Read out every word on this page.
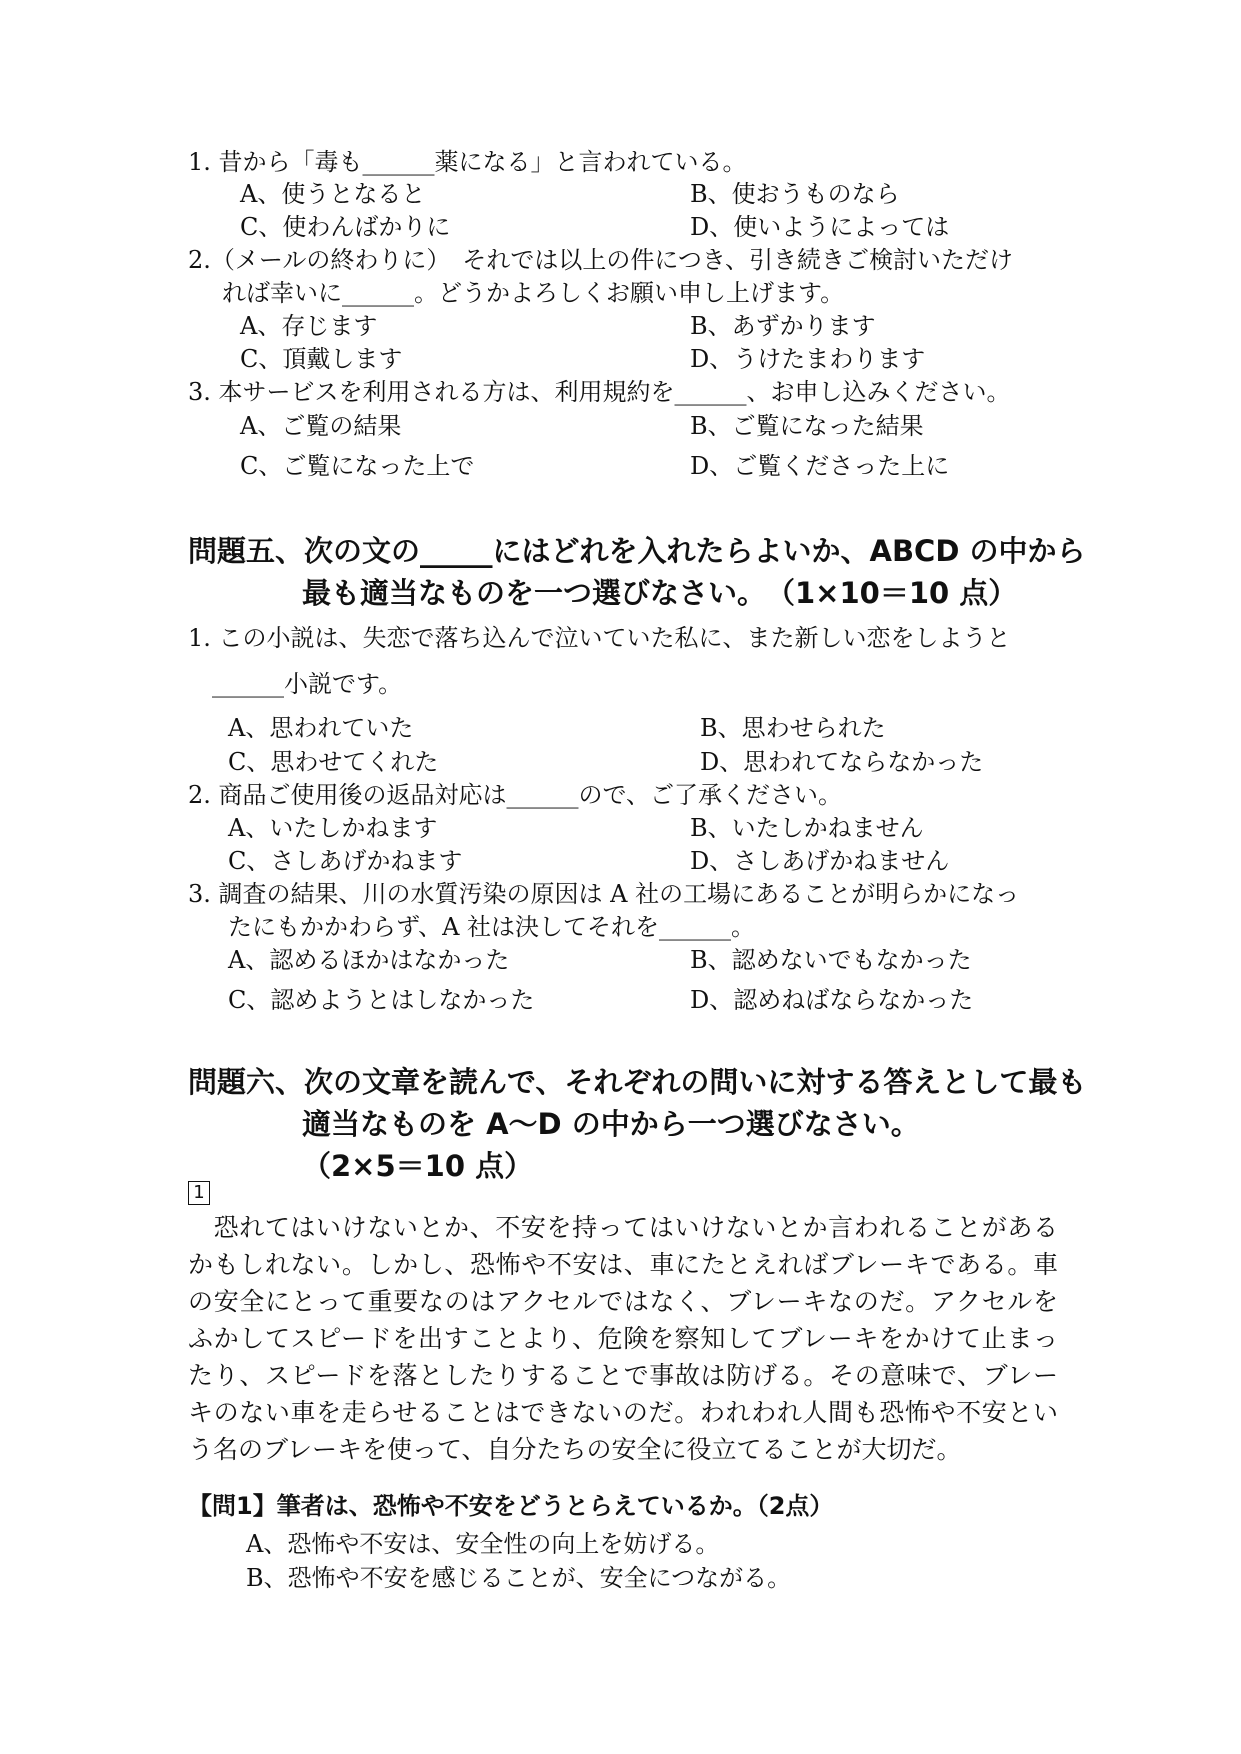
1. 昔から「毒も______薬になる」と言われている。
A、使うとなると	B、使おうものなら
C、使わんばかりに	D、使いようによっては
2.（メールの終わりに）　それでは以上の件につき、引き続きご検討いただけ
れば幸いに______。どうかよろしくお願い申し上げます。
A、存じます	B、あずかります
C、頂戴します	D、うけたまわります
3. 本サービスを利用される方は、利用規約を______、お申し込みください。
A、ご覧の結果	B、ご覧になった結果
C、ご覧になった上で	D、ご覧くださった上に
問題五、次の文の_____にはどれを入れたらよいか、ABCD の中から
最も適当なものを一つ選びなさい。　（1×10＝10 点）
1. この小説は、失恋で落ち込んで泣いていた私に、また新しい恋をしようと
______小説です。
A、思われていた	B、思わせられた
C、思わせてくれた	D、思われてならなかった
2. 商品ご使用後の返品対応は______ので、ご了承ください。
A、いたしかねます	B、いたしかねません
C、さしあげかねます	D、さしあげかねません
3. 調査の結果、川の水質汚染の原因は A 社の工場にあることが明らかになっ
たにもかかわらず、A 社は決してそれを______。
A、認めるほかはなかった	B、認めないでもなかった
C、認めようとはしなかった	D、認めねばならなかった
問題六、次の文章を読んで、それぞれの問いに対する答えとして最も
適当なものを A～D の中から一つ選びなさい。
（2×5＝10 点）
1
　恐れてはいけないとか、不安を持ってはいけないとか言われることがあるかもしれない。しかし、恐怖や不安は、車にたとえればブレーキである。車の安全にとって重要なのはアクセルではなく、ブレーキなのだ。アクセルをふかしてスピードを出すことより、危険を察知してブレーキをかけて止まったり、スピードを落としたりすることで事故は防げる。その意味で、ブレーキのない車を走らせることはできないのだ。われわれ人間も恐怖や不安という名のブレーキを使って、自分たちの安全に役立てることが大切だ。
【問1】筆者は、恐怖や不安をどうとらえているか。（2点）
A、恐怖や不安は、安全性の向上を妨げる。
B、恐怖や不安を感じることが、安全につながる。
